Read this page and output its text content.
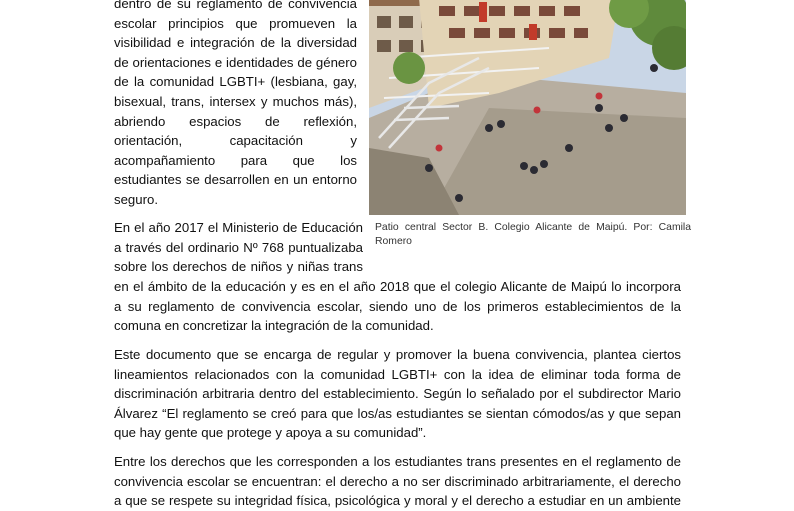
dentro de su reglamento de convivencia
escolar principios que promueven la
visibilidad e integración de la diversidad
de orientaciones e identidades de género
de la comunidad LGBTI+ (lesbiana, gay,
bisexual, trans, intersex y muchos más),
abriendo espacios de reflexión,
orientación, capacitación y
acompañamiento para que los
estudiantes se desarrollen en un entorno
seguro.
En el año 2017 el Ministerio de Educación
a través del ordinario Nº 768 puntualizaba
sobre los derechos de niños y niñas trans
en el ámbito de la educación y es en el año 2018 que el colegio Alicante de Maipú lo incorpora
a su reglamento de convivencia escolar, siendo uno de los primeros establecimientos de la
comuna en concretizar la integración de la comunidad.
Este documento que se encarga de regular y promover la buena convivencia, plantea ciertos
lineamientos relacionados con la comunidad LGBTI+ con la idea de eliminar toda forma de
discriminación arbitraria dentro del establecimiento. Según lo señalado por el subdirector Mario
Álvarez “El reglamento se creó para que los/as estudiantes se sientan cómodos/as y que sepan
que hay gente que protege y apoya a su comunidad”.
Entre los derechos que les corresponden a los estudiantes trans presentes en el reglamento de
convivencia escolar se encuentran: el derecho a no ser discriminado arbitrariamente, el derecho
a que se respete su integridad física, psicológica y moral y el derecho a estudiar en un ambiente
Patio central Sector B. Colegio Alicante de Maipú. Por: Camila Romero
